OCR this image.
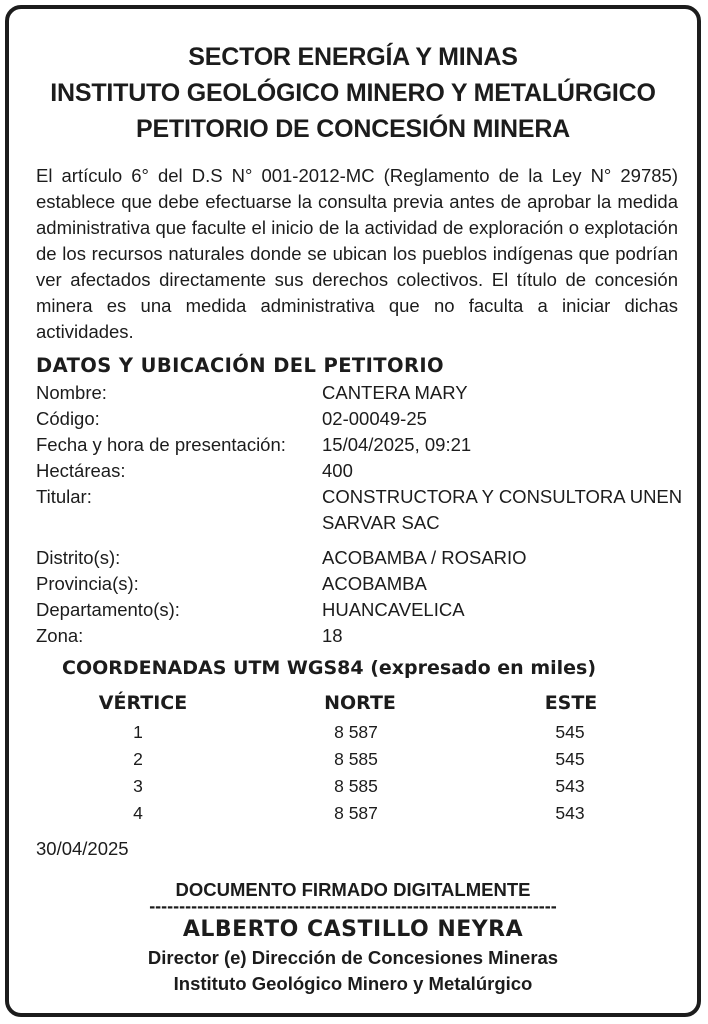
SECTOR ENERGÍA Y MINAS
INSTITUTO GEOLÓGICO MINERO Y METALÚRGICO
PETITORIO DE CONCESIÓN MINERA
El artículo 6° del D.S N° 001-2012-MC (Reglamento de la Ley N° 29785) establece que debe efectuarse la consulta previa antes de aprobar la medida administrativa que faculte el inicio de la actividad de exploración o explotación de los recursos naturales donde se ubican los pueblos indígenas que podrían ver afectados directamente sus derechos colectivos. El título de concesión minera es una medida administrativa que no faculta a iniciar dichas actividades.
DATOS Y UBICACIÓN DEL PETITORIO
Nombre:	CANTERA MARY
Código:	02-00049-25
Fecha y hora de presentación: 15/04/2025, 09:21
Hectáreas:	400
Titular:	CONSTRUCTORA Y CONSULTORA UNEN
SARVAR SAC
Distrito(s):	ACOBAMBA / ROSARIO
Provincia(s):	ACOBAMBA
Departamento(s):	HUANCAVELICA
Zona:	18
COORDENADAS UTM WGS84 (expresado en miles)
VÉRTICE	NORTE	ESTE
1	8 587	545
2	8 585	545
3	8 585	543
4	8 587	543
30/04/2025
DOCUMENTO FIRMADO DIGITALMENTE
--------------------------------------------------------------------
ALBERTO CASTILLO NEYRA
Director (e) Dirección de Concesiones Mineras
Instituto Geológico Minero y Metalúrgico
